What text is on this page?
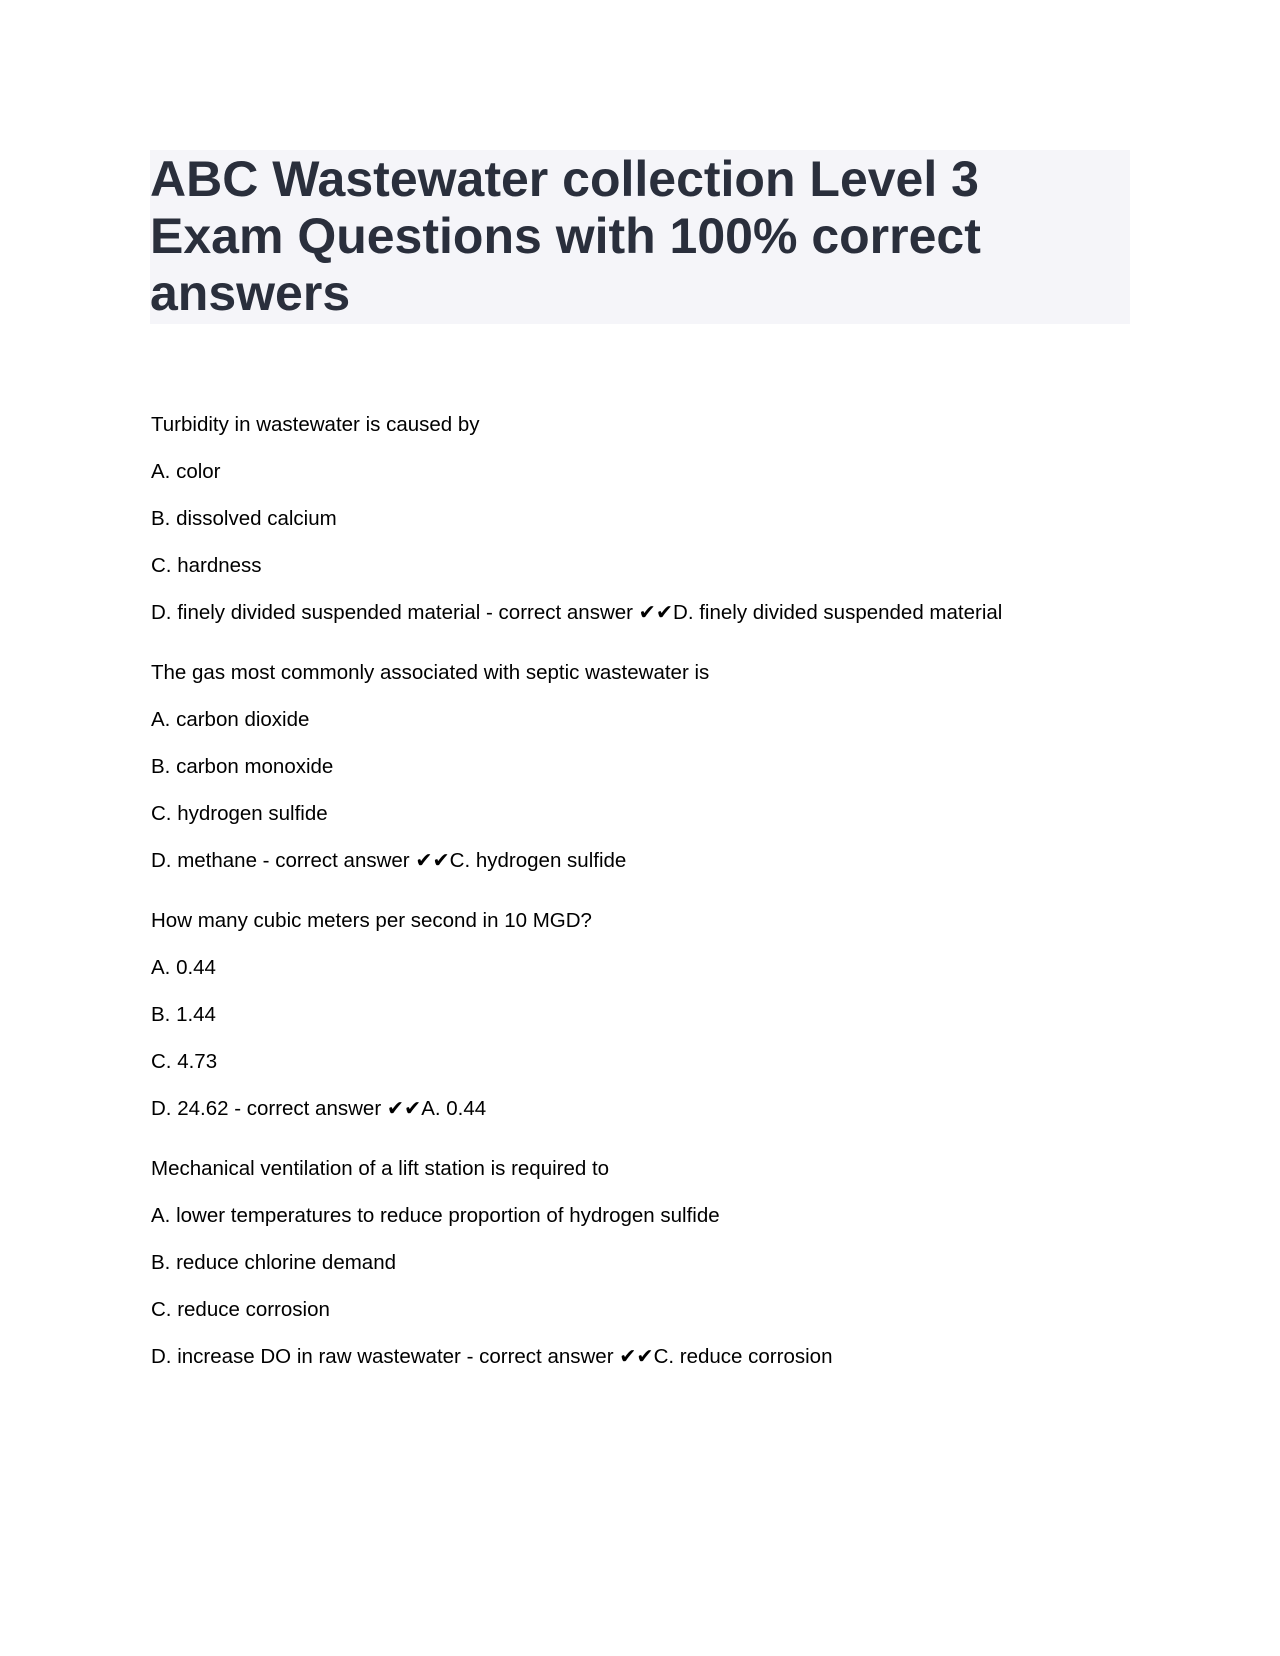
ABC Wastewater collection Level 3
Exam Questions with 100% correct
answers
Turbidity in wastewater is caused by
A. color
B. dissolved calcium
C. hardness
D. finely divided suspended material - correct answer ✔✔D. finely divided suspended material
The gas most commonly associated with septic wastewater is
A. carbon dioxide
B. carbon monoxide
C. hydrogen sulfide
D. methane - correct answer ✔✔C. hydrogen sulfide
How many cubic meters per second in 10 MGD?
A. 0.44
B. 1.44
C. 4.73
D. 24.62 - correct answer ✔✔A. 0.44
Mechanical ventilation of a lift station is required to
A. lower temperatures to reduce proportion of hydrogen sulfide
B. reduce chlorine demand
C. reduce corrosion
D. increase DO in raw wastewater - correct answer ✔✔C. reduce corrosion
